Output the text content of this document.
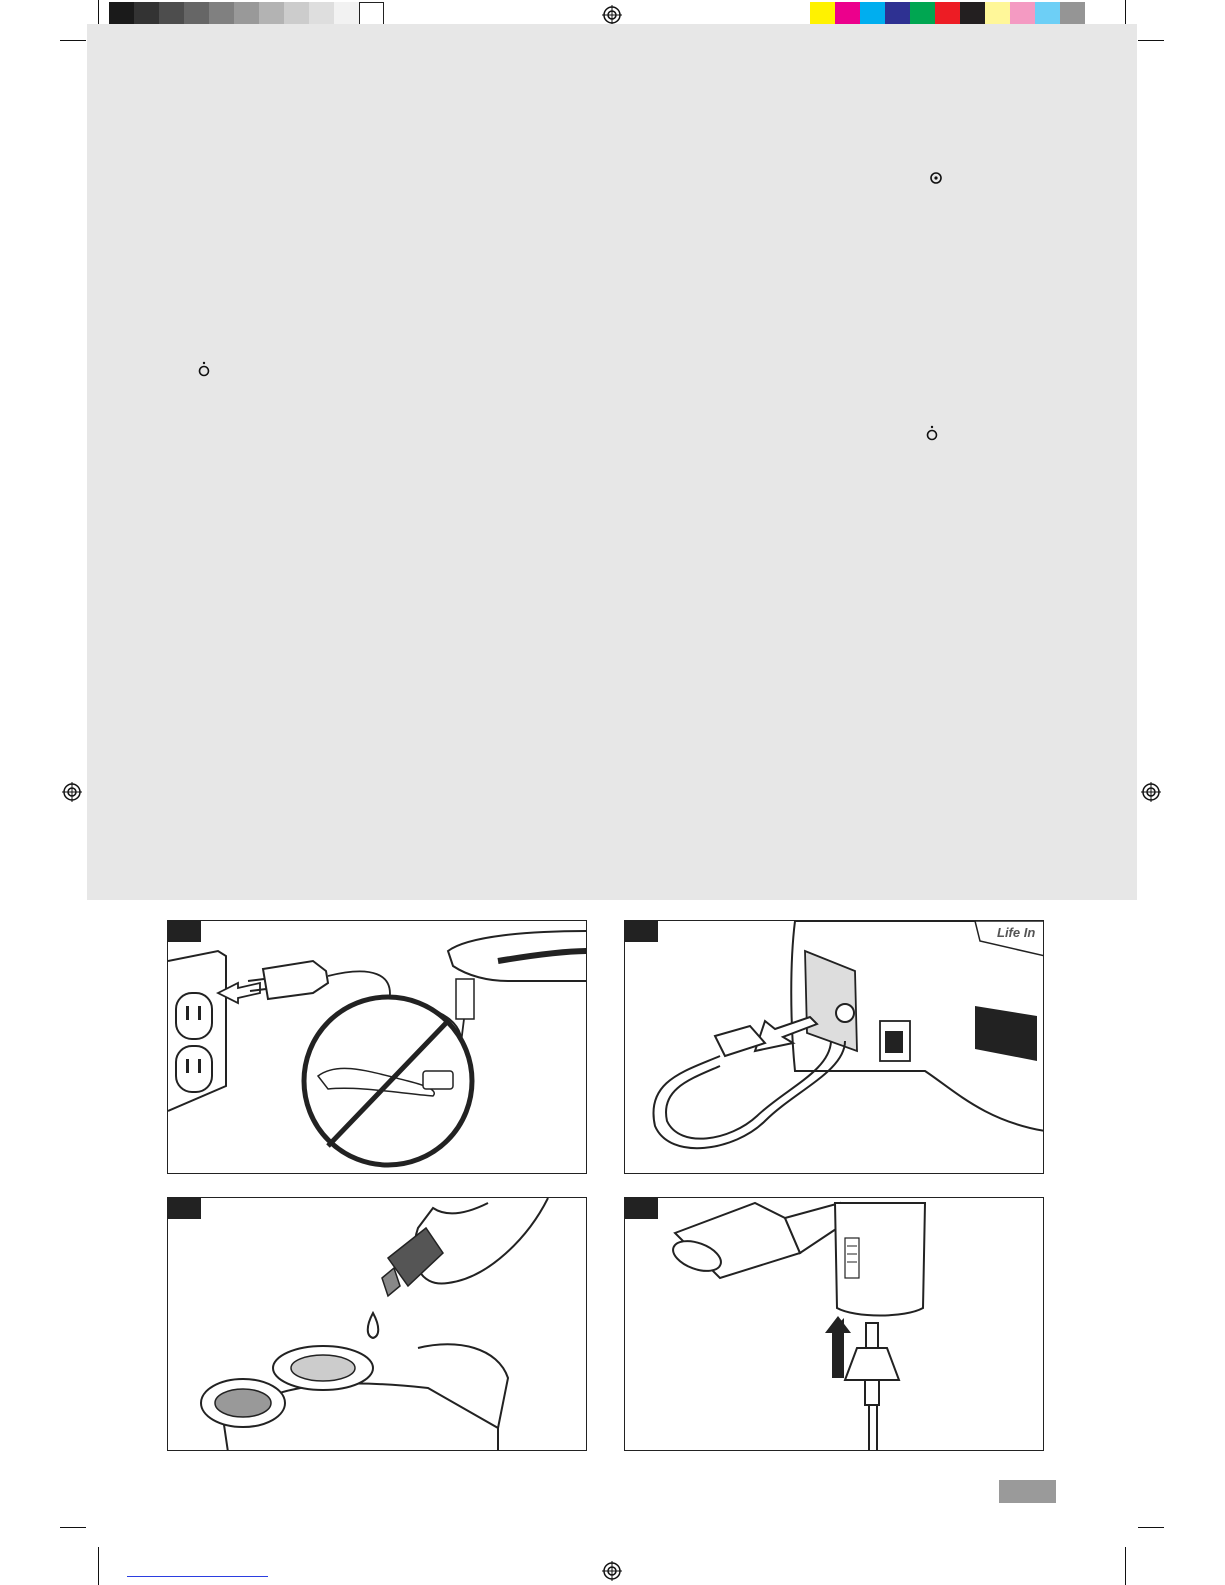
Life In
